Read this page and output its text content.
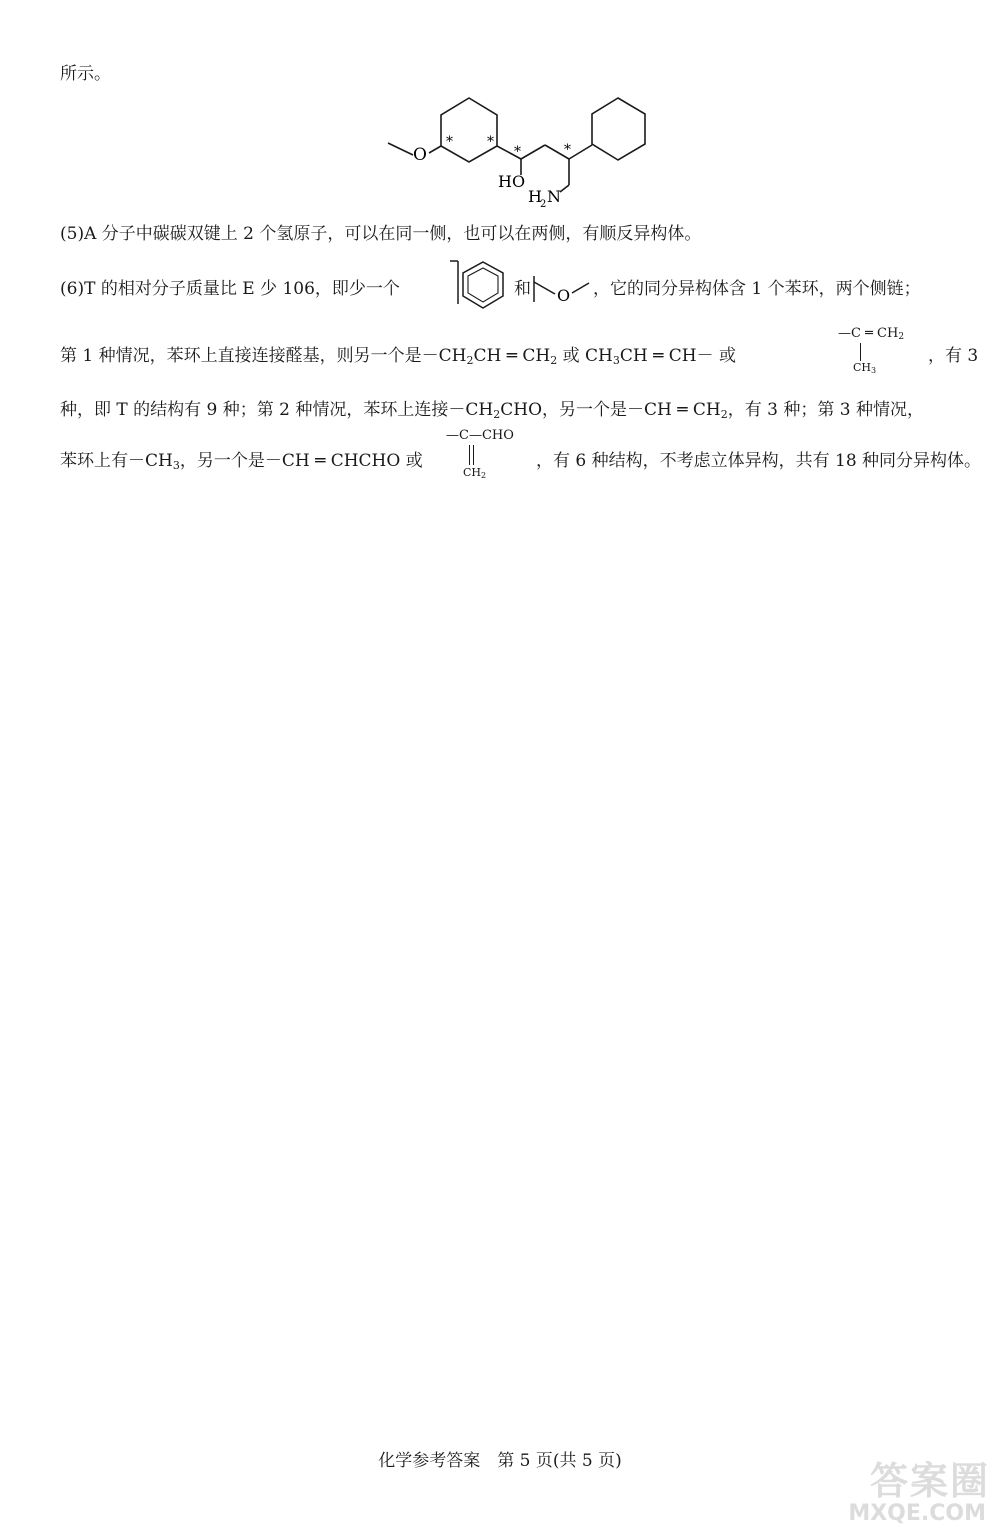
所示。
O
* *
*	*
HO
H
2 N
(5)A 分子中碳碳双键上 2 个氢原子，可以在同一侧，也可以在两侧，有顺反异构体。
(6)T 的相对分子质量比 E 少 106，即少一个	和 O ，它的同分异构体含 1 个苯环，两个侧链；
第 1 种情况，苯环上直接连接醛基，则另一个是$-CH_2CH$ ═ $CH_2$ 或 $CH_3CH$ ═ CH－ 或
—C ═ CH2
CH3
，有 3
种，即 T 的结构有 9 种；第 2 种情况，苯环上连接$-CH_2CHO$，另一个是－CH ═ $CH_2$，有 3 种；第 3 种情况，
苯环上有$-CH_3$，另一个是－CH ═ CHCHO 或
—C—CHO
CH2
，有 6 种结构，不考虑立体异构，共有 18 种同分异构体。
化学参考答案　第 5 页(共 5 页)	答案圈
MXQE.COM
